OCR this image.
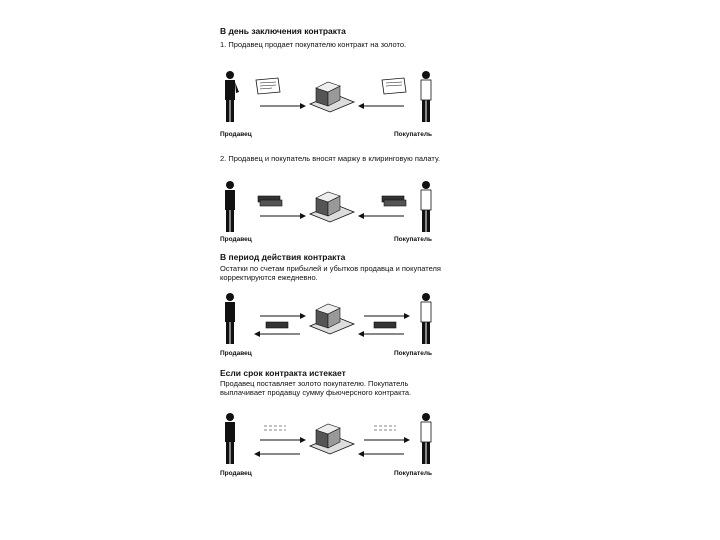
В день заключения контракта
1. Продавец продает покупателю контракт на золото.
Продавец	Покупатель
2. Продавец и покупатель вносят маржу в клиринговую палату.
Продавец	Покупатель
В период действия контракта
Остатки по счетам прибылей и убытков продавца и покупателя корректируются ежедневно.
Продавец	Покупатель
Если срок контракта истекает
Продавец поставляет золото покупателю. Покупатель выплачивает продавцу сумму фьючерсного контракта.
Продавец	Покупатель
